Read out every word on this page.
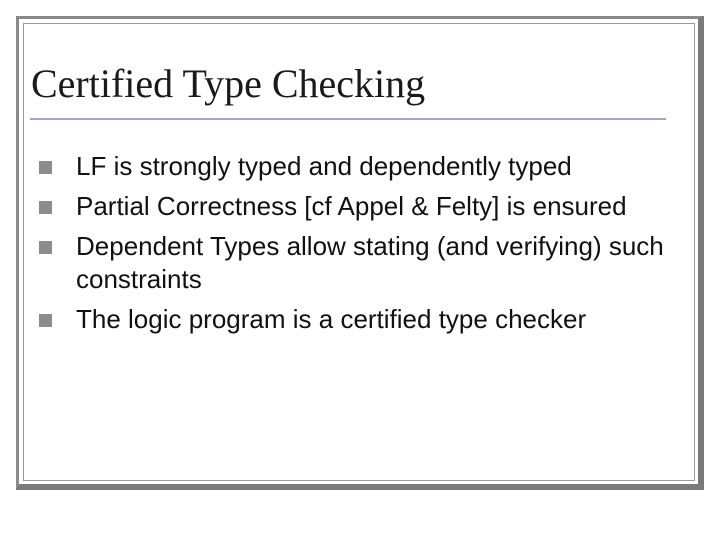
Certified Type Checking
LF is strongly typed and dependently typed
Partial Correctness [cf Appel & Felty] is ensured
Dependent Types allow stating (and verifying) such constraints
The logic program is a certified type checker
